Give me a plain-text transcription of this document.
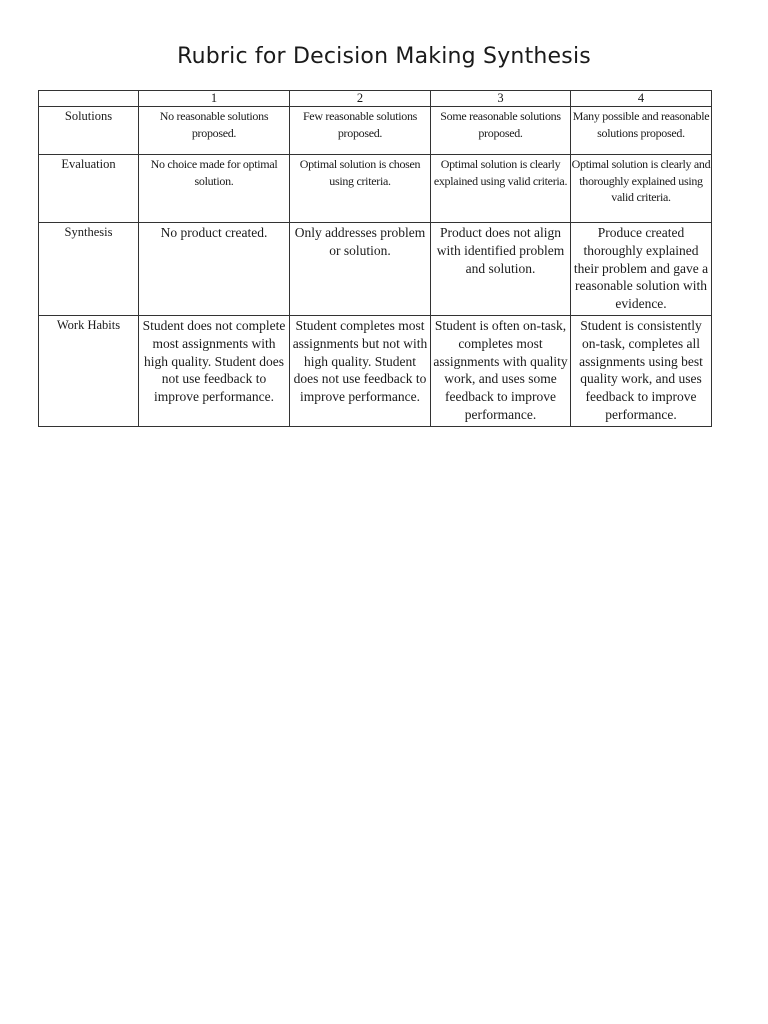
Rubric for Decision Making Synthesis
	1	2	3	4
Solutions	No reasonable solutions proposed.	Few reasonable solutions proposed.	Some reasonable solutions proposed.	Many possible and reasonable solutions proposed.
Evaluation	No choice made for optimal solution.	Optimal solution is chosen using criteria.	Optimal solution is clearly explained using valid criteria.	Optimal solution is clearly and thoroughly explained using valid criteria.
Synthesis	No product created.	Only addresses problem or solution.	Product does not align with identified problem and solution.	Produce created thoroughly explained their problem and gave a reasonable solution with evidence.
Work Habits	Student does not complete most assignments with high quality. Student does not use feedback to improve performance.	Student completes most assignments but not with high quality. Student does not use feedback to improve performance.	Student is often on-task, completes most assignments with quality work, and uses some feedback to improve performance.	Student is consistently on-task, completes all assignments using best quality work, and uses feedback to improve performance.
